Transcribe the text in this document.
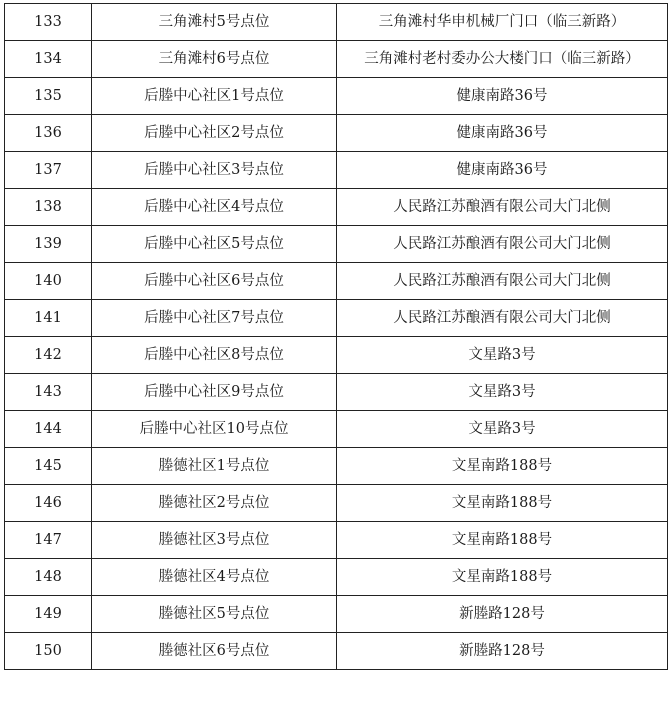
133	三角滩村5号点位	三角滩村华申机械厂门口（临三新路）
134	三角滩村6号点位	三角滩村老村委办公大楼门口（临三新路）
135	后塍中心社区1号点位	健康南路36号
136	后塍中心社区2号点位	健康南路36号
137	后塍中心社区3号点位	健康南路36号
138	后塍中心社区4号点位	人民路江苏酿酒有限公司大门北侧
139	后塍中心社区5号点位	人民路江苏酿酒有限公司大门北侧
140	后塍中心社区6号点位	人民路江苏酿酒有限公司大门北侧
141	后塍中心社区7号点位	人民路江苏酿酒有限公司大门北侧
142	后塍中心社区8号点位	文星路3号
143	后塍中心社区9号点位	文星路3号
144	后塍中心社区10号点位	文星路3号
145	塍德社区1号点位	文星南路188号
146	塍德社区2号点位	文星南路188号
147	塍德社区3号点位	文星南路188号
148	塍德社区4号点位	文星南路188号
149	塍德社区5号点位	新塍路128号
150	塍德社区6号点位	新塍路128号
